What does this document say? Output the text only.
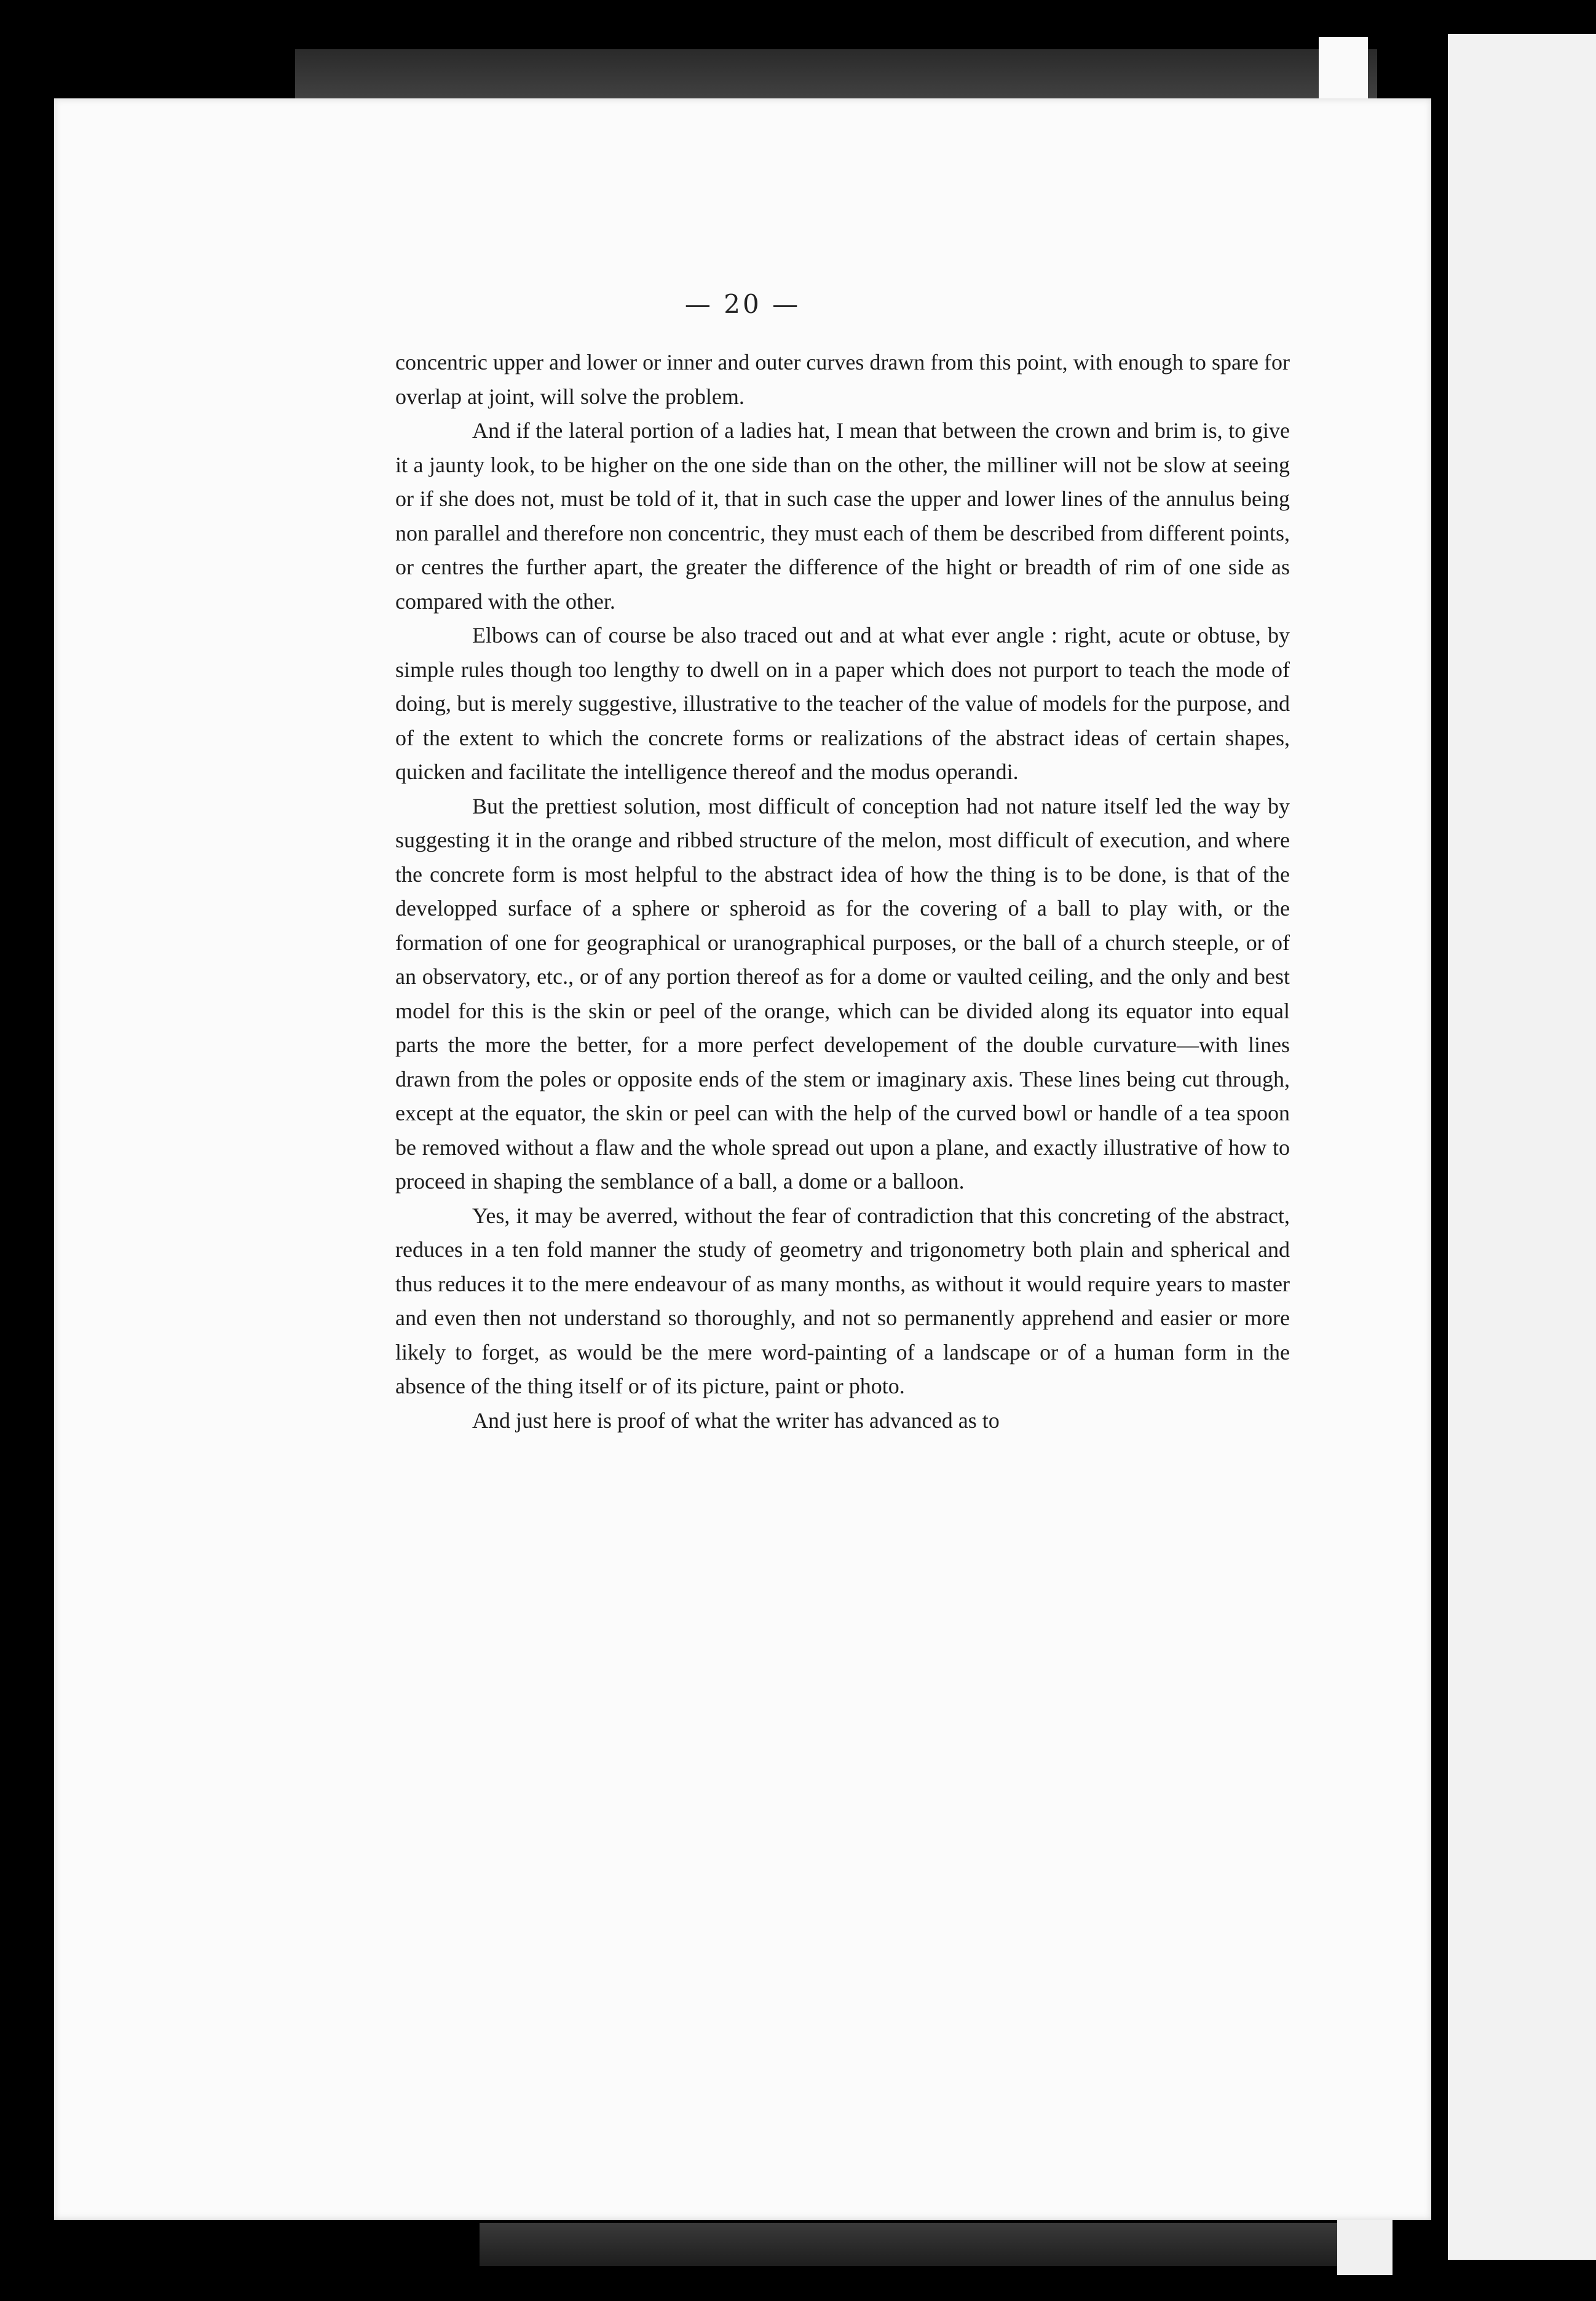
— 20 —

concentric upper and lower or inner and outer curves drawn from this point, with enough to spare for overlap at joint, will solve the problem.

And if the lateral portion of a ladies hat, I mean that between the crown and brim is, to give it a jaunty look, to be higher on the one side than on the other, the milliner will not be slow at seeing or if she does not, must be told of it, that in such case the upper and lower lines of the annulus being non parallel and therefore non concentric, they must each of them be described from different points, or centres the further apart, the greater the difference of the hight or breadth of rim of one side as compared with the other.

Elbows can of course be also traced out and at what ever angle : right, acute or obtuse, by simple rules though too lengthy to dwell on in a paper which does not purport to teach the mode of doing, but is merely suggestive, illustrative to the teacher of the value of models for the purpose, and of the extent to which the concrete forms or realizations of the abstract ideas of certain shapes, quicken and facilitate the intelligence thereof and the modus operandi.

But the prettiest solution, most difficult of conception had not nature itself led the way by suggesting it in the orange and ribbed structure of the melon, most difficult of execution, and where the concrete form is most helpful to the abstract idea of how the thing is to be done, is that of the developped surface of a sphere or spheroid as for the covering of a ball to play with, or the formation of one for geographical or uranographical purposes, or the ball of a church steeple, or of an observatory, etc., or of any portion thereof as for a dome or vaulted ceiling, and the only and best model for this is the skin or peel of the orange, which can be divided along its equator into equal parts the more the better, for a more perfect developement of the double curvature—with lines drawn from the poles or opposite ends of the stem or imaginary axis. These lines being cut through, except at the equator, the skin or peel can with the help of the curved bowl or handle of a tea spoon be removed without a flaw and the whole spread out upon a plane, and exactly illustrative of how to proceed in shaping the semblance of a ball, a dome or a balloon.

Yes, it may be averred, without the fear of contradiction that this concreting of the abstract, reduces in a ten fold manner the study of geometry and trigonometry both plain and spherical and thus reduces it to the mere endeavour of as many months, as without it would require years to master and even then not understand so thoroughly, and not so permanently apprehend and easier or more likely to forget, as would be the mere word-painting of a landscape or of a human form in the absence of the thing itself or of its picture, paint or photo.

And just here is proof of what the writer has advanced as to
